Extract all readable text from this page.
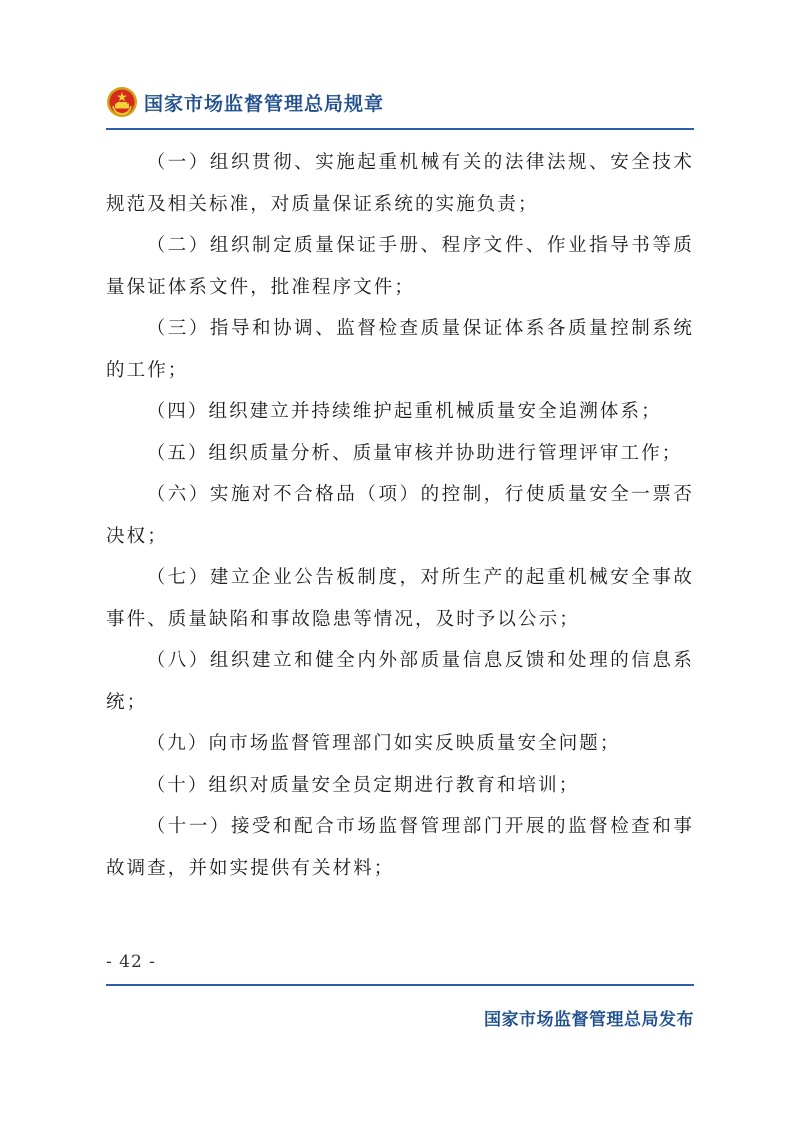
国家市场监督管理总局规章

（一）组织贯彻、实施起重机械有关的法律法规、安全技术规范及相关标准，对质量保证系统的实施负责；

（二）组织制定质量保证手册、程序文件、作业指导书等质量保证体系文件，批准程序文件；

（三）指导和协调、监督检查质量保证体系各质量控制系统的工作；

（四）组织建立并持续维护起重机械质量安全追溯体系；

（五）组织质量分析、质量审核并协助进行管理评审工作；

（六）实施对不合格品（项）的控制，行使质量安全一票否决权；

（七）建立企业公告板制度，对所生产的起重机械安全事故事件、质量缺陷和事故隐患等情况，及时予以公示；

（八）组织建立和健全内外部质量信息反馈和处理的信息系统；

（九）向市场监督管理部门如实反映质量安全问题；

（十）组织对质量安全员定期进行教育和培训；

（十一）接受和配合市场监督管理部门开展的监督检查和事故调查，并如实提供有关材料；

- 42 -
国家市场监督管理总局发布
